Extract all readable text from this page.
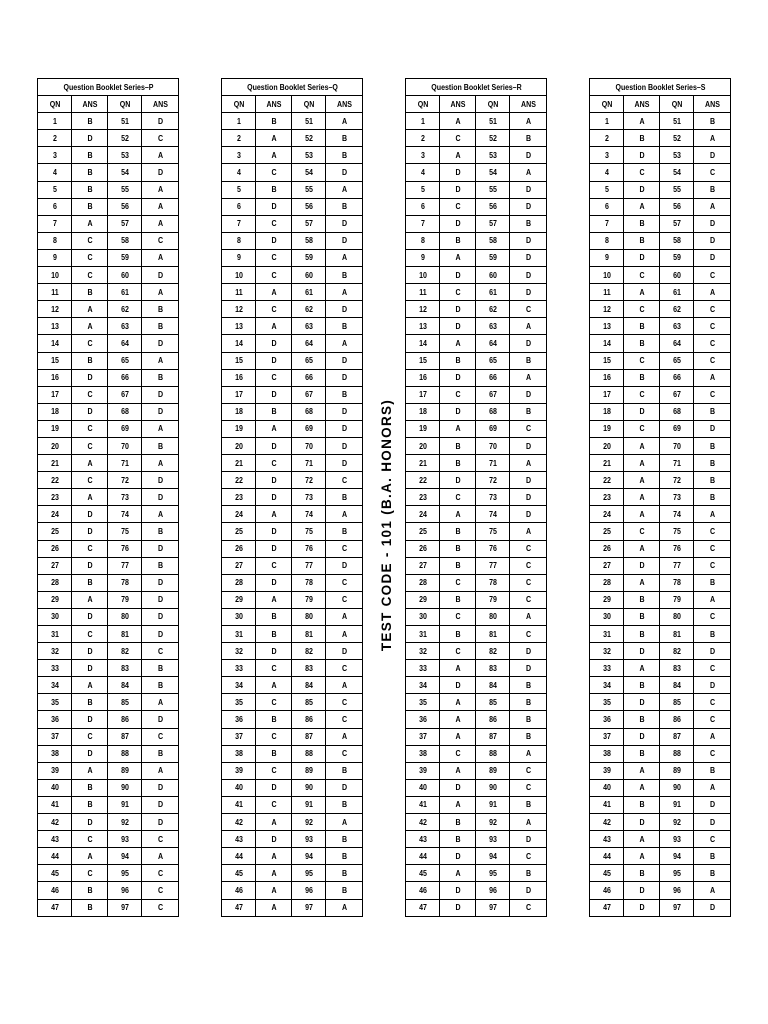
Question Booklet Series–P			
QN	ANS	QN	ANS
1	B	51	D
2	D	52	C
3	B	53	A
4	B	54	D
5	B	55	A
6	B	56	A
7	A	57	A
8	C	58	C
9	C	59	A
10	C	60	D
11	B	61	A
12	A	62	B
13	A	63	B
14	C	64	D
15	B	65	A
16	D	66	B
17	C	67	D
18	D	68	D
19	C	69	A
20	C	70	B
21	A	71	A
22	C	72	D
23	A	73	D
24	D	74	A
25	D	75	B
26	C	76	D
27	D	77	B
28	B	78	D
29	A	79	D
30	D	80	D
31	C	81	D
32	D	82	C
33	D	83	B
34	A	84	B
35	B	85	A
36	D	86	D
37	C	87	C
38	D	88	B
39	A	89	A
40	B	90	D
41	B	91	D
42	D	92	D
43	C	93	C
44	A	94	A
45	C	95	C
46	B	96	C
47	B	97	C
Question Booklet Series–Q			
QN	ANS	QN	ANS
1	B	51	A
2	A	52	B
3	A	53	B
4	C	54	D
5	B	55	A
6	D	56	B
7	C	57	D
8	D	58	D
9	C	59	A
10	C	60	B
11	A	61	A
12	C	62	D
13	A	63	B
14	D	64	A
15	D	65	D
16	C	66	D
17	D	67	B
18	B	68	D
19	A	69	D
20	D	70	D
21	C	71	D
22	D	72	C
23	D	73	B
24	A	74	A
25	D	75	B
26	D	76	C
27	C	77	D
28	D	78	C
29	A	79	C
30	B	80	A
31	B	81	A
32	D	82	D
33	C	83	C
34	A	84	A
35	C	85	C
36	B	86	C
37	C	87	A
38	B	88	C
39	C	89	B
40	D	90	D
41	C	91	B
42	A	92	A
43	D	93	B
44	A	94	B
45	A	95	B
46	A	96	B
47	A	97	A
Question Booklet Series–R			
QN	ANS	QN	ANS
1	A	51	A
2	C	52	B
3	A	53	D
4	D	54	A
5	D	55	D
6	C	56	D
7	D	57	B
8	B	58	D
9	A	59	D
10	D	60	D
11	C	61	D
12	D	62	C
13	D	63	A
14	A	64	D
15	B	65	B
16	D	66	A
17	C	67	D
18	D	68	B
19	A	69	C
20	B	70	D
21	B	71	A
22	D	72	D
23	C	73	D
24	A	74	D
25	B	75	A
26	B	76	C
27	B	77	C
28	C	78	C
29	B	79	C
30	C	80	A
31	B	81	C
32	C	82	D
33	A	83	D
34	D	84	B
35	A	85	B
36	A	86	B
37	A	87	B
38	C	88	A
39	A	89	C
40	D	90	C
41	A	91	B
42	B	92	A
43	B	93	D
44	D	94	C
45	A	95	B
46	D	96	D
47	D	97	C
Question Booklet Series–S			
QN	ANS	QN	ANS
1	A	51	B
2	B	52	A
3	D	53	D
4	C	54	C
5	D	55	B
6	A	56	A
7	B	57	D
8	B	58	D
9	D	59	D
10	C	60	C
11	A	61	A
12	C	62	C
13	B	63	C
14	B	64	C
15	C	65	C
16	B	66	A
17	C	67	C
18	D	68	B
19	C	69	D
20	A	70	B
21	A	71	B
22	A	72	B
23	A	73	B
24	A	74	A
25	C	75	C
26	A	76	C
27	D	77	C
28	A	78	B
29	B	79	A
30	B	80	C
31	B	81	B
32	D	82	D
33	A	83	C
34	B	84	D
35	D	85	C
36	B	86	C
37	D	87	A
38	B	88	C
39	A	89	B
40	A	90	A
41	B	91	D
42	D	92	D
43	A	93	C
44	A	94	B
45	B	95	B
46	D	96	A
47	D	97	D
TEST CODE - 101 (B.A. HONORS)
